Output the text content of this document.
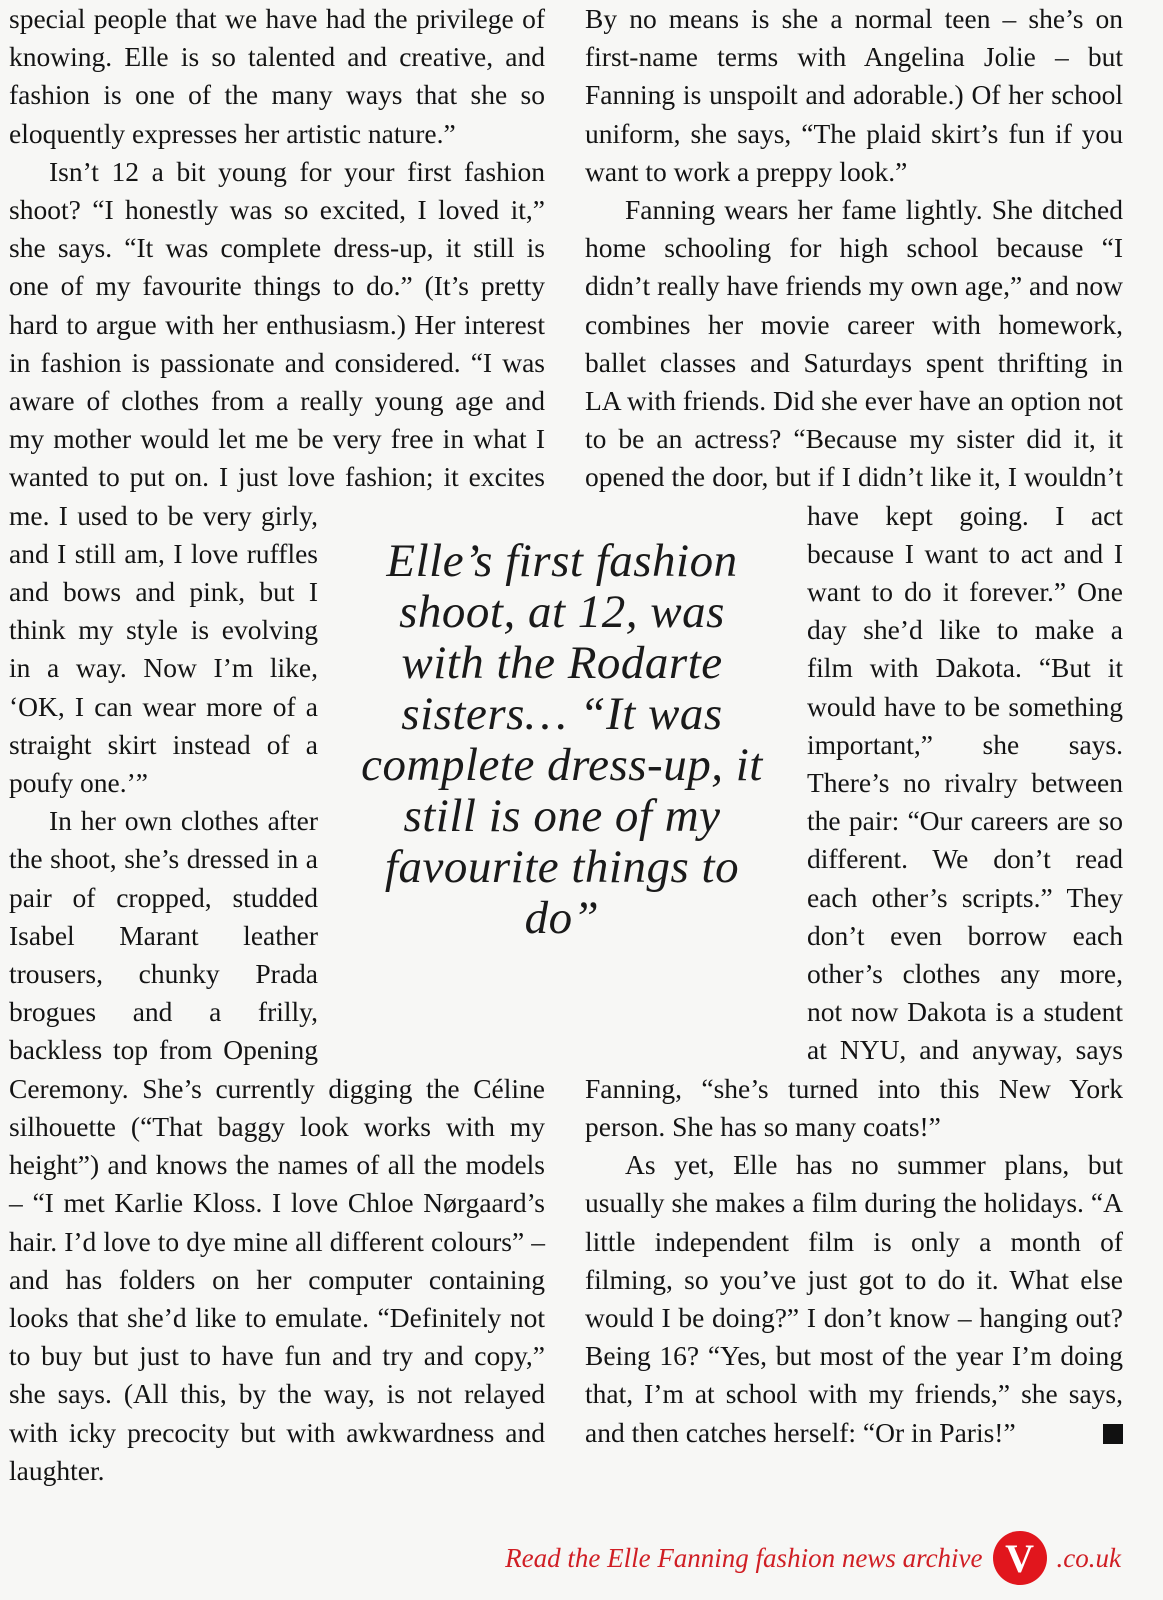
special people that we have had the privilege of knowing. Elle is so talented and creative, and fashion is one of the many ways that she so eloquently expresses her artistic nature.”

Isn’t 12 a bit young for your first fashion shoot? “I honestly was so excited, I loved it,” she says. “It was complete dress-up, it still is one of my favourite things to do.” (It’s pretty hard to argue with her enthusiasm.) Her interest in fashion is passionate and considered. “I was aware of clothes from a really young age and my mother would let me be very free in what I wanted to put on. I just love fashion; it excites me. I used to be very girly, and I still am, I love ruffles and bows and pink, but I think my style is evolving in a way. Now I’m like, ‘OK, I can wear more of a straight skirt instead of a poufy one.’”

In her own clothes after the shoot, she’s dressed in a pair of cropped, studded Isabel Marant leather trousers, chunky Prada brogues and a frilly, backless top from Opening Ceremony. She’s currently digging the Céline silhouette (“That baggy look works with my height”) and knows the names of all the models – “I met Karlie Kloss. I love Chloe Nørgaard’s hair. I’d love to dye mine all different colours” – and has folders on her computer containing looks that she’d like to emulate. “Definitely not to buy but just to have fun and try and copy,” she says. (All this, by the way, is not relayed with icky precocity but with awkwardness and laughter.

By no means is she a normal teen – she’s on first-name terms with Angelina Jolie – but Fanning is unspoilt and adorable.) Of her school uniform, she says, “The plaid skirt’s fun if you want to work a preppy look.”

Fanning wears her fame lightly. She ditched home schooling for high school because “I didn’t really have friends my own age,” and now combines her movie career with homework, ballet classes and Saturdays spent thrifting in LA with friends. Did she ever have an option not to be an actress? “Because my sister did it, it opened the door, but if I didn’t like it, I wouldn’t have kept going. I act because I want to act and I want to do it forever.” One day she’d like to make a film with Dakota. “But it would have to be something important,” she says. There’s no rivalry between the pair: “Our careers are so different. We don’t read each other’s scripts.” They don’t even borrow each other’s clothes any more, not now Dakota is a student at NYU, and anyway, says Fanning, “she’s turned into this New York person. She has so many coats!”

As yet, Elle has no summer plans, but usually she makes a film during the holidays. “A little independent film is only a month of filming, so you’ve just got to do it. What else would I be doing?” I don’t know – hanging out? Being 16? “Yes, but most of the year I’m doing that, I’m at school with my friends,” she says, and then catches herself: “Or in Paris!”

Elle’s first fashion shoot, at 12, was with the Rodarte sisters… “It was complete dress-up, it still is one of my favourite things to do”
Read the Elle Fanning fashion news archive V .co.uk
